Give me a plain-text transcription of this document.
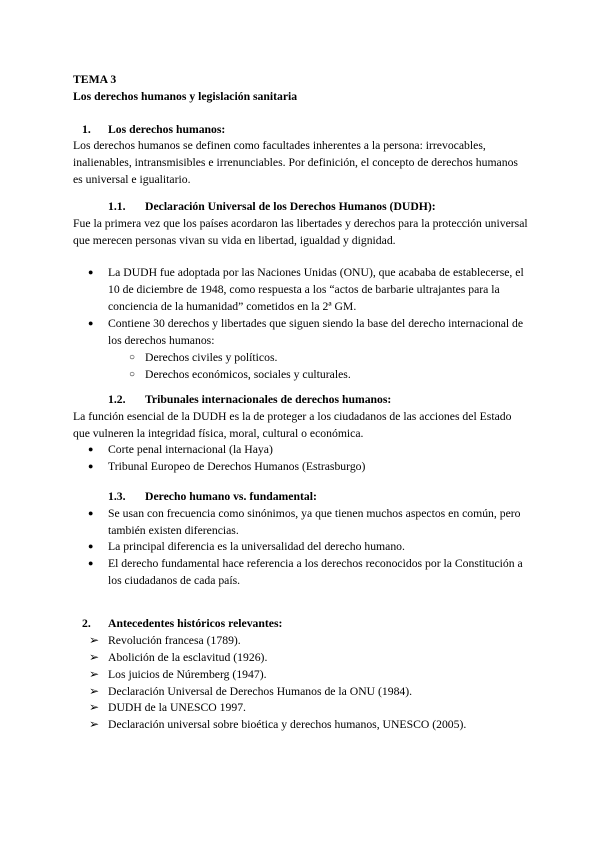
TEMA 3
Los derechos humanos y legislación sanitaria
1. Los derechos humanos:
Los derechos humanos se definen como facultades inherentes a la persona: irrevocables, inalienables, intransmisibles e irrenunciables. Por definición, el concepto de derechos humanos es universal e igualitario.
1.1. Declaración Universal de los Derechos Humanos (DUDH):
Fue la primera vez que los países acordaron las libertades y derechos para la protección universal que merecen personas vivan su vida en libertad, igualdad y dignidad.
●	La DUDH fue adoptada por las Naciones Unidas (ONU), que acababa de establecerse, el 10 de diciembre de 1948, como respuesta a los “actos de barbarie ultrajantes para la conciencia de la humanidad” cometidos en la 2ª GM.
●	Contiene 30 derechos y libertades que siguen siendo la base del derecho internacional de los derechos humanos:
○ Derechos civiles y políticos.
○ Derechos económicos, sociales y culturales.
1.2. Tribunales internacionales de derechos humanos:
La función esencial de la DUDH es la de proteger a los ciudadanos de las acciones del Estado que vulneren la integridad física, moral, cultural o económica.
●	Corte penal internacional (la Haya)
●	Tribunal Europeo de Derechos Humanos (Estrasburgo)
1.3. Derecho humano vs. fundamental:
●	Se usan con frecuencia como sinónimos, ya que tienen muchos aspectos en común, pero también existen diferencias.
●	La principal diferencia es la universalidad del derecho humano.
●	El derecho fundamental hace referencia a los derechos reconocidos por la Constitución a los ciudadanos de cada país.
2. Antecedentes históricos relevantes:
➢ Revolución francesa (1789).
➢ Abolición de la esclavitud (1926).
➢ Los juicios de Núremberg (1947).
➢ Declaración Universal de Derechos Humanos de la ONU (1984).
➢ DUDH de la UNESCO 1997.
➢ Declaración universal sobre bioética y derechos humanos, UNESCO (2005).
